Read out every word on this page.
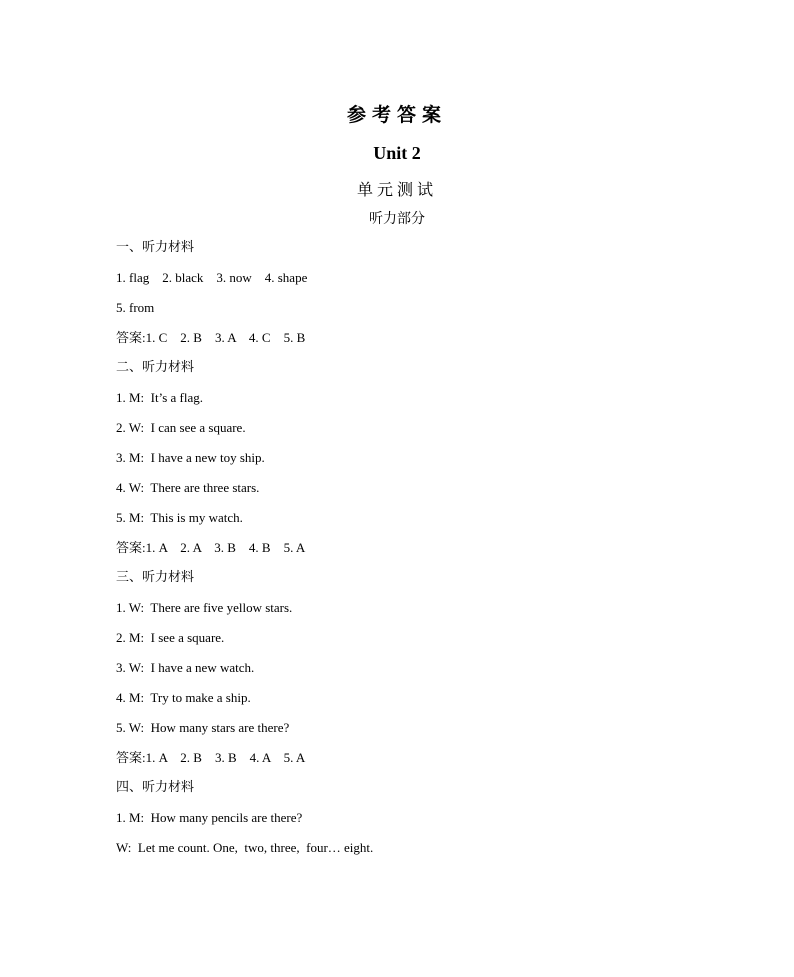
参考答案
Unit 2
单元测试
听力部分
一、听力材料
1. flag    2. black    3. now    4. shape
5. from
答案:1. C    2. B    3. A    4. C    5. B
二、听力材料
1. M:  It’s a flag.
2. W:  I can see a square.
3. M:  I have a new toy ship.
4. W:  There are three stars.
5. M:  This is my watch.
答案:1. A    2. A    3. B    4. B    5. A
三、听力材料
1. W:  There are five yellow stars.
2. M:  I see a square.
3. W:  I have a new watch.
4. M:  Try to make a ship.
5. W:  How many stars are there?
答案:1. A    2. B    3. B    4. A    5. A
四、听力材料
1. M:  How many pencils are there?
W:  Let me count. One,  two, three,  four… eight.
